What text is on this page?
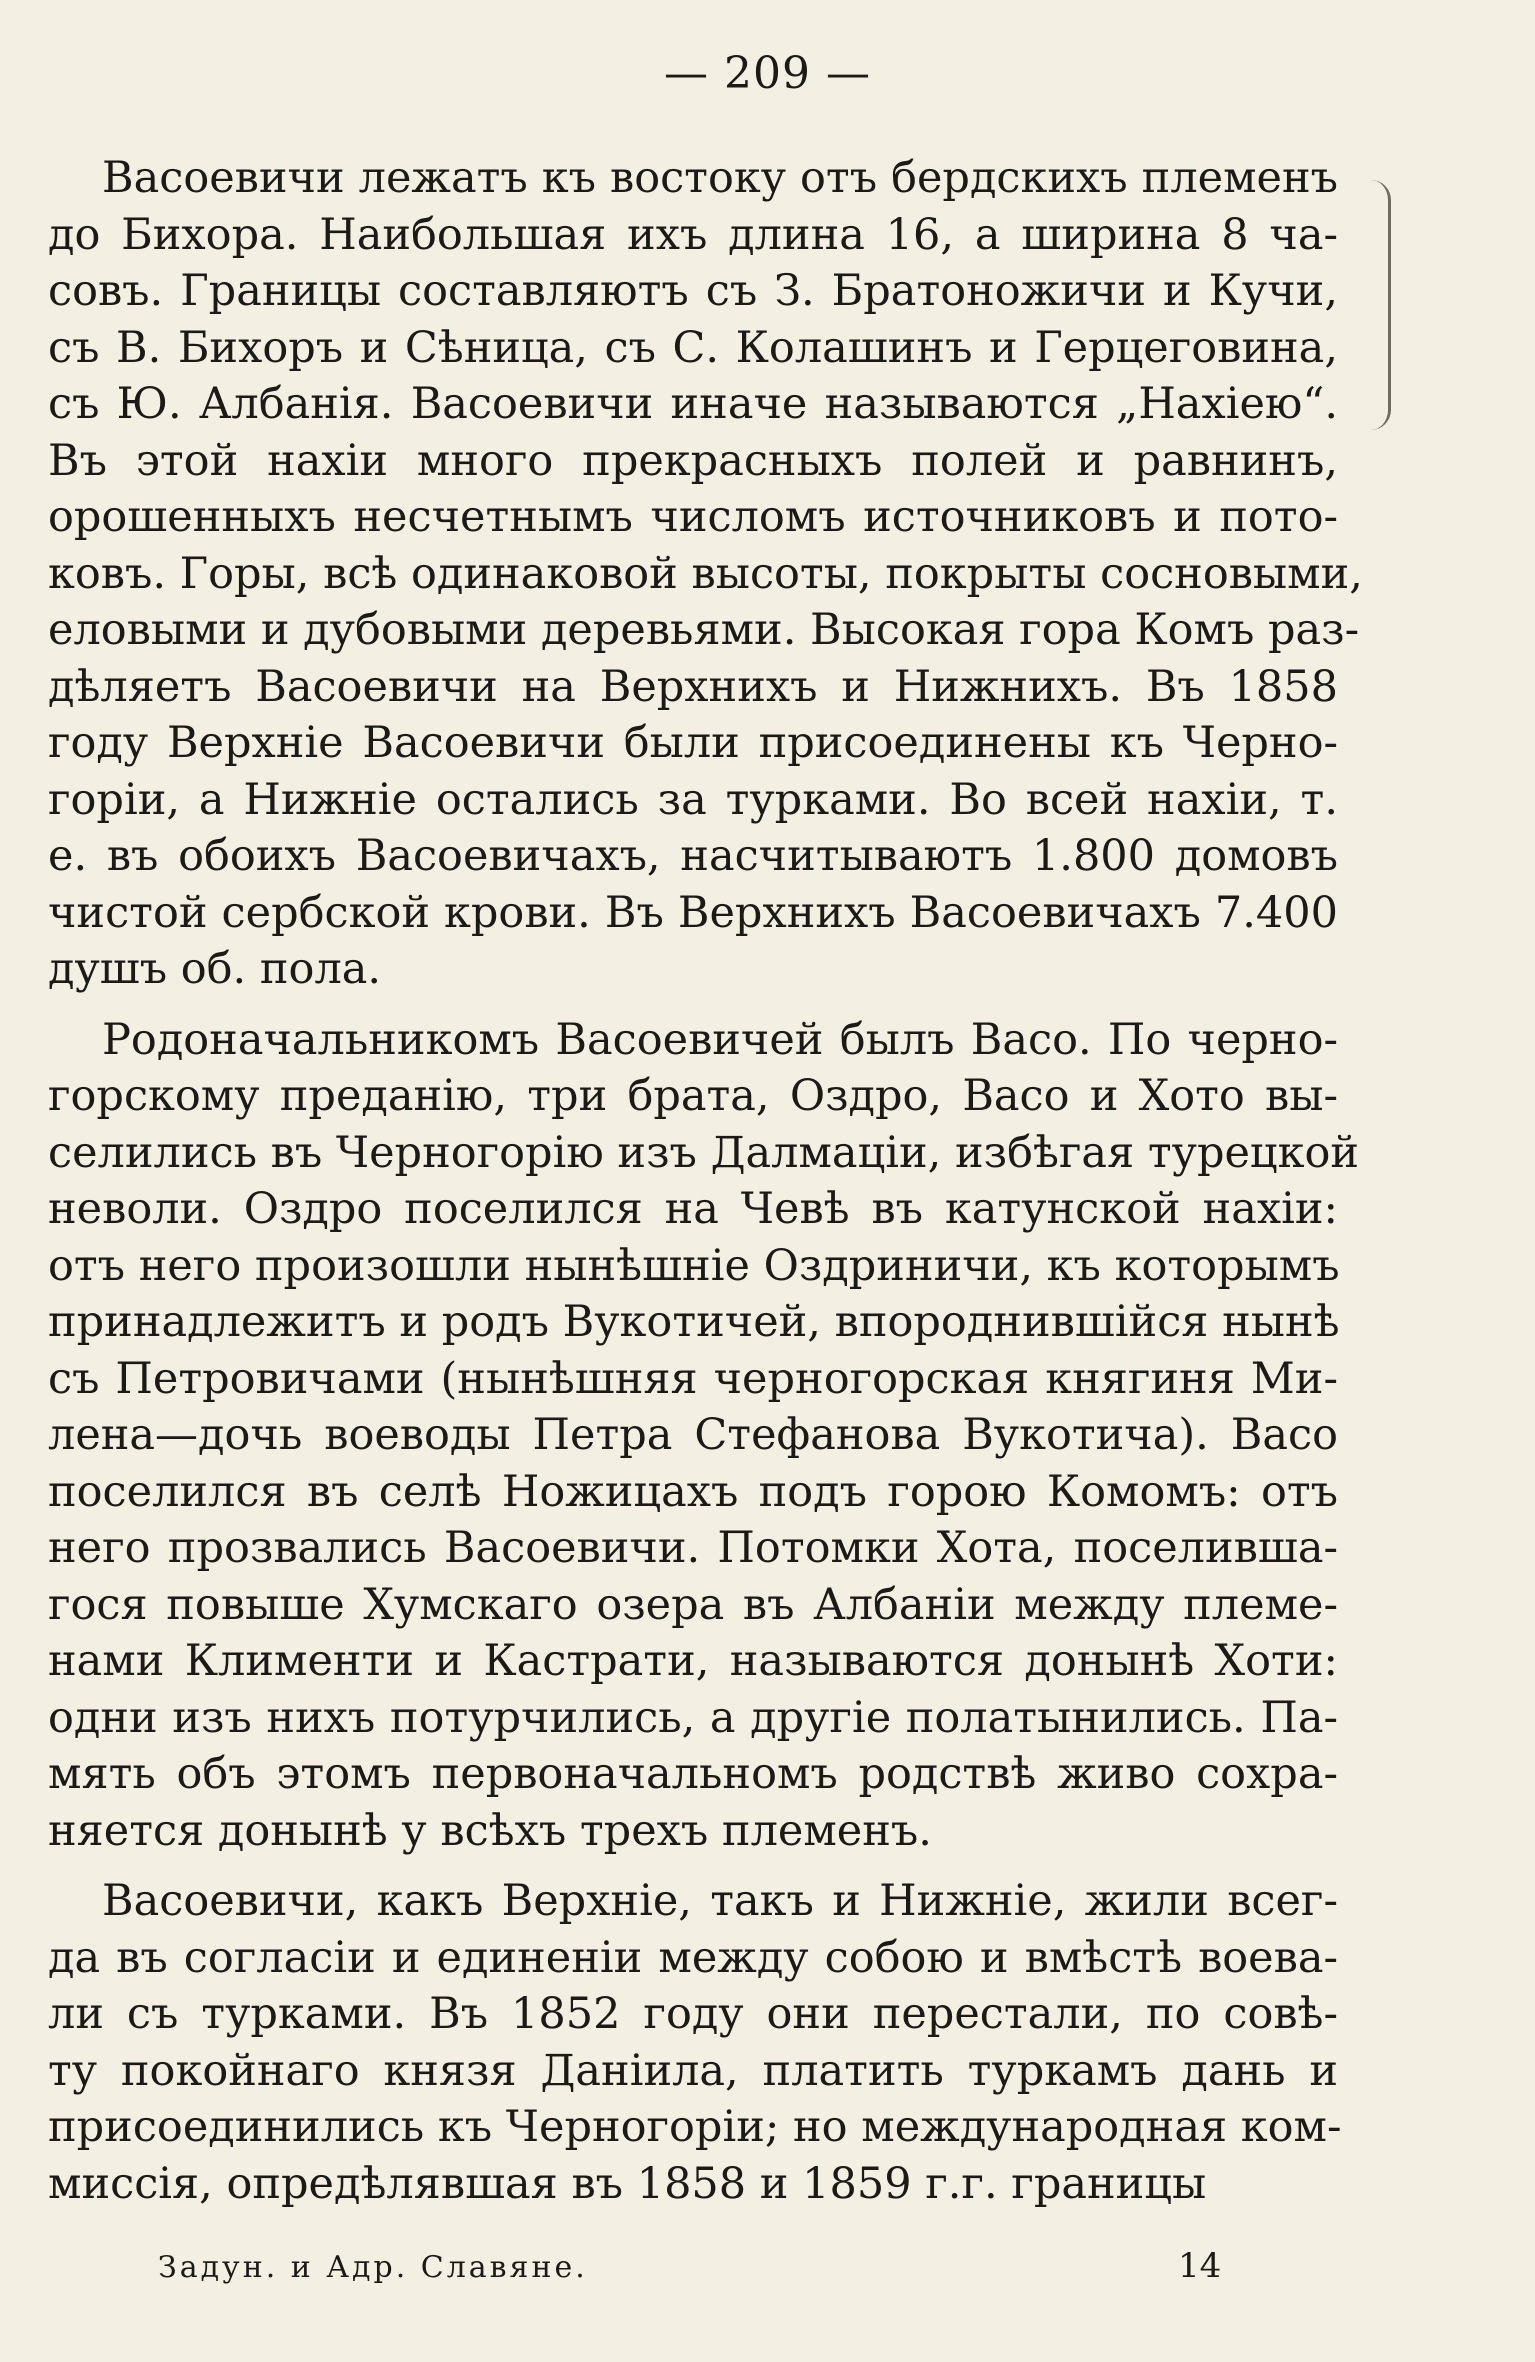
— 209 —
Васоевичи лежатъ къ востоку отъ бердскихъ племенъ
до Бихора. Наибольшая ихъ длина 16, а ширина 8 ча-
совъ. Границы составляютъ съ З. Братоножичи и Кучи,
съ В. Бихоръ и Сѣница, съ С. Колашинъ и Герцеговина,
съ Ю. Албанія. Васоевичи иначе называются „Нахіею“.
Въ этой нахіи много прекрасныхъ полей и равнинъ,
орошенныхъ несчетнымъ числомъ источниковъ и пото-
ковъ. Горы, всѣ одинаковой высоты, покрыты сосновыми,
еловыми и дубовыми деревьями. Высокая гора Комъ раз-
дѣляетъ Васоевичи на Верхнихъ и Нижнихъ. Въ 1858
году Верхніе Васоевичи были присоединены къ Черно-
горіи, а Нижніе остались за турками. Во всей нахіи, т.
е. въ обоихъ Васоевичахъ, насчитываютъ 1.800 домовъ
чистой сербской крови. Въ Верхнихъ Васоевичахъ 7.400
душъ об. пола.
Родоначальникомъ Васоевичей былъ Васо. По черно-
горскому преданію, три брата, Оздро, Васо и Хото вы-
селились въ Черногорію изъ Далмаціи, избѣгая турецкой
неволи. Оздро поселился на Чевѣ въ катунской нахіи:
отъ него произошли нынѣшніе Оздриничи, къ которымъ
принадлежитъ и родъ Вукотичей, впороднившійся нынѣ
съ Петровичами (нынѣшняя черногорская княгиня Ми-
лена—дочь воеводы Петра Стефанова Вукотича). Васо
поселился въ селѣ Ножицахъ подъ горою Комомъ: отъ
него прозвались Васоевичи. Потомки Хота, поселивша-
гося повыше Хумскаго озера въ Албаніи между племе-
нами Клименти и Кастрати, называются донынѣ Хоти:
одни изъ нихъ потурчились, а другіе полатынились. Па-
мять объ этомъ первоначальномъ родствѣ живо сохра-
няется донынѣ у всѣхъ трехъ племенъ.
Васоевичи, какъ Верхніе, такъ и Нижніе, жили всег-
да въ согласіи и единеніи между собою и вмѣстѣ воева-
ли съ турками. Въ 1852 году они перестали, по совѣ-
ту покойнаго князя Даніила, платить туркамъ дань и
присоединились къ Черногоріи; но международная ком-
миссія, опредѣлявшая въ 1858 и 1859 г.г. границы
Задун. и Адр. Славяне.	14
